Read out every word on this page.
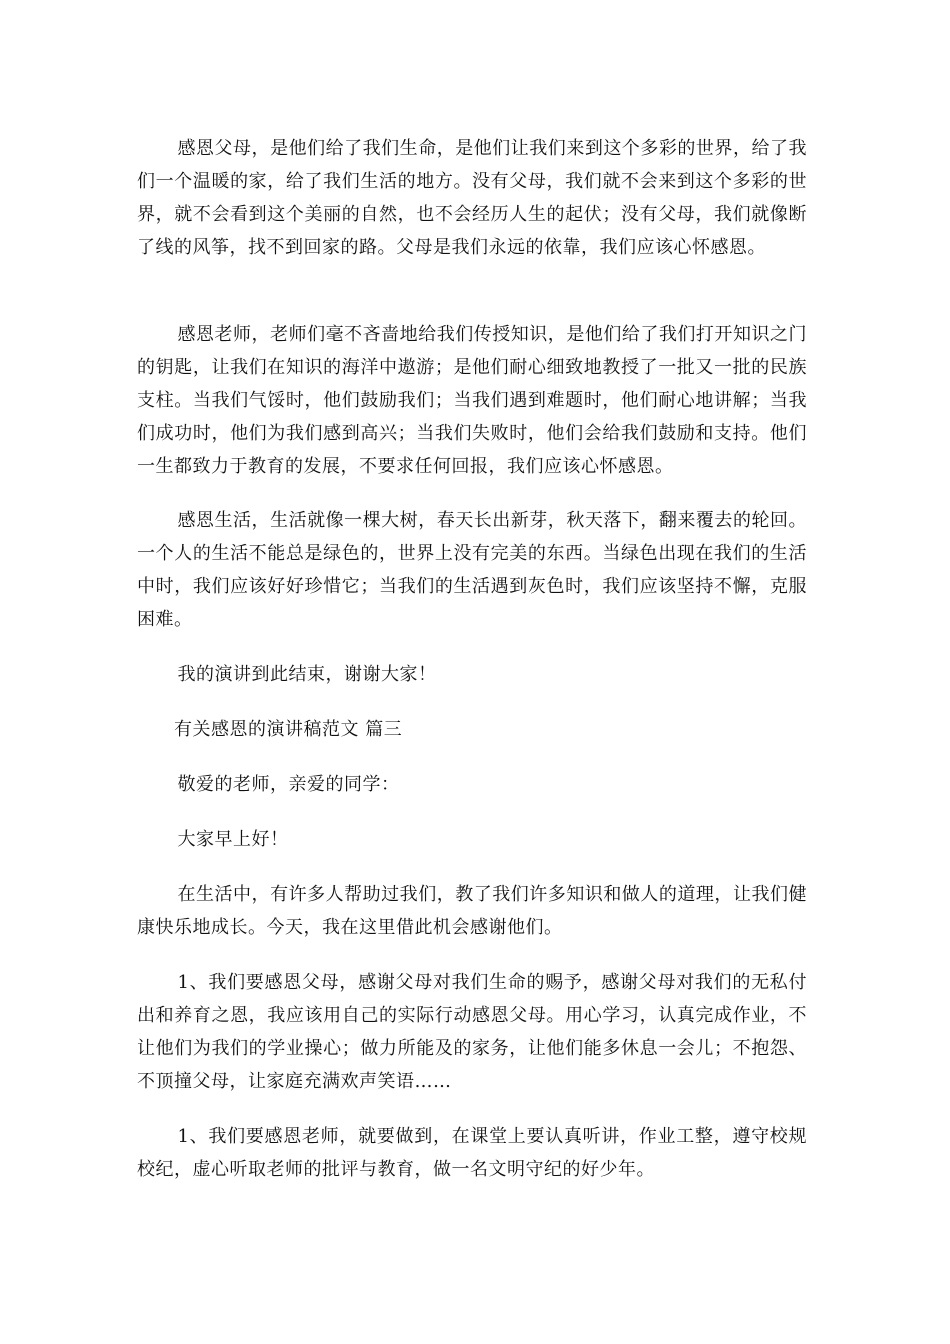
感恩父母，是他们给了我们生命，是他们让我们来到这个多彩的世界，给了我们一个温暖的家，给了我们生活的地方。没有父母，我们就不会来到这个多彩的世界，就不会看到这个美丽的自然，也不会经历人生的起伏；没有父母，我们就像断了线的风筝，找不到回家的路。父母是我们永远的依靠，我们应该心怀感恩。

感恩老师，老师们毫不吝啬地给我们传授知识，是他们给了我们打开知识之门的钥匙，让我们在知识的海洋中遨游；是他们耐心细致地教授了一批又一批的民族支柱。当我们气馁时，他们鼓励我们；当我们遇到难题时，他们耐心地讲解；当我们成功时，他们为我们感到高兴；当我们失败时，他们会给我们鼓励和支持。他们一生都致力于教育的发展，不要求任何回报，我们应该心怀感恩。

感恩生活，生活就像一棵大树，春天长出新芽，秋天落下，翻来覆去的轮回。一个人的生活不能总是绿色的，世界上没有完美的东西。当绿色出现在我们的生活中时，我们应该好好珍惜它；当我们的生活遇到灰色时，我们应该坚持不懈，克服困难。

我的演讲到此结束，谢谢大家！

有关感恩的演讲稿范文 篇三

敬爱的老师，亲爱的同学：

大家早上好！

在生活中，有许多人帮助过我们，教了我们许多知识和做人的道理，让我们健康快乐地成长。今天，我在这里借此机会感谢他们。

1、我们要感恩父母，感谢父母对我们生命的赐予，感谢父母对我们的无私付出和养育之恩，我应该用自己的实际行动感恩父母。用心学习，认真完成作业，不让他们为我们的学业操心；做力所能及的家务，让他们能多休息一会儿；不抱怨、不顶撞父母，让家庭充满欢声笑语……

1、我们要感恩老师，就要做到，在课堂上要认真听讲，作业工整，遵守校规校纪，虚心听取老师的批评与教育，做一名文明守纪的好少年。
